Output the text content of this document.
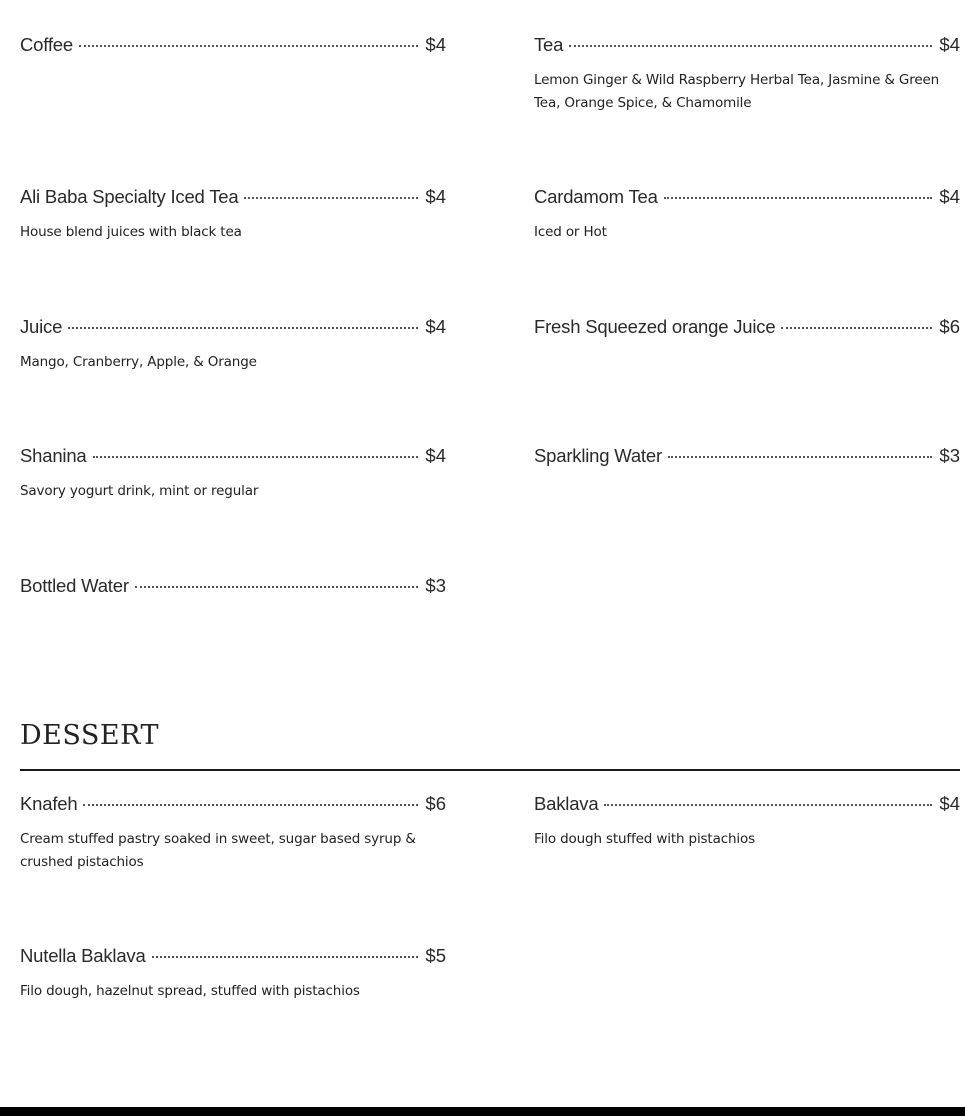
Coffee	$4	Tea	$4
Lemon Ginger & Wild Raspberry Herbal Tea, Jasmine & Green Tea, Orange Spice, & Chamomile
Ali Baba Specialty Iced Tea	$4
House blend juices with black tea
Cardamom Tea	$4
Iced or Hot
Juice	$4
Mango, Cranberry, Apple, & Orange
Fresh Squeezed orange Juice	$6
Shanina	$4
Savory yogurt drink, mint or regular
Sparkling Water	$3
Bottled Water	$3
DESSERT
Knafeh	$6
Cream stuffed pastry soaked in sweet, sugar based syrup & crushed pistachios
Baklava	$4
Filo dough stuffed with pistachios
Nutella Baklava	$5
Filo dough, hazelnut spread, stuffed with pistachios
